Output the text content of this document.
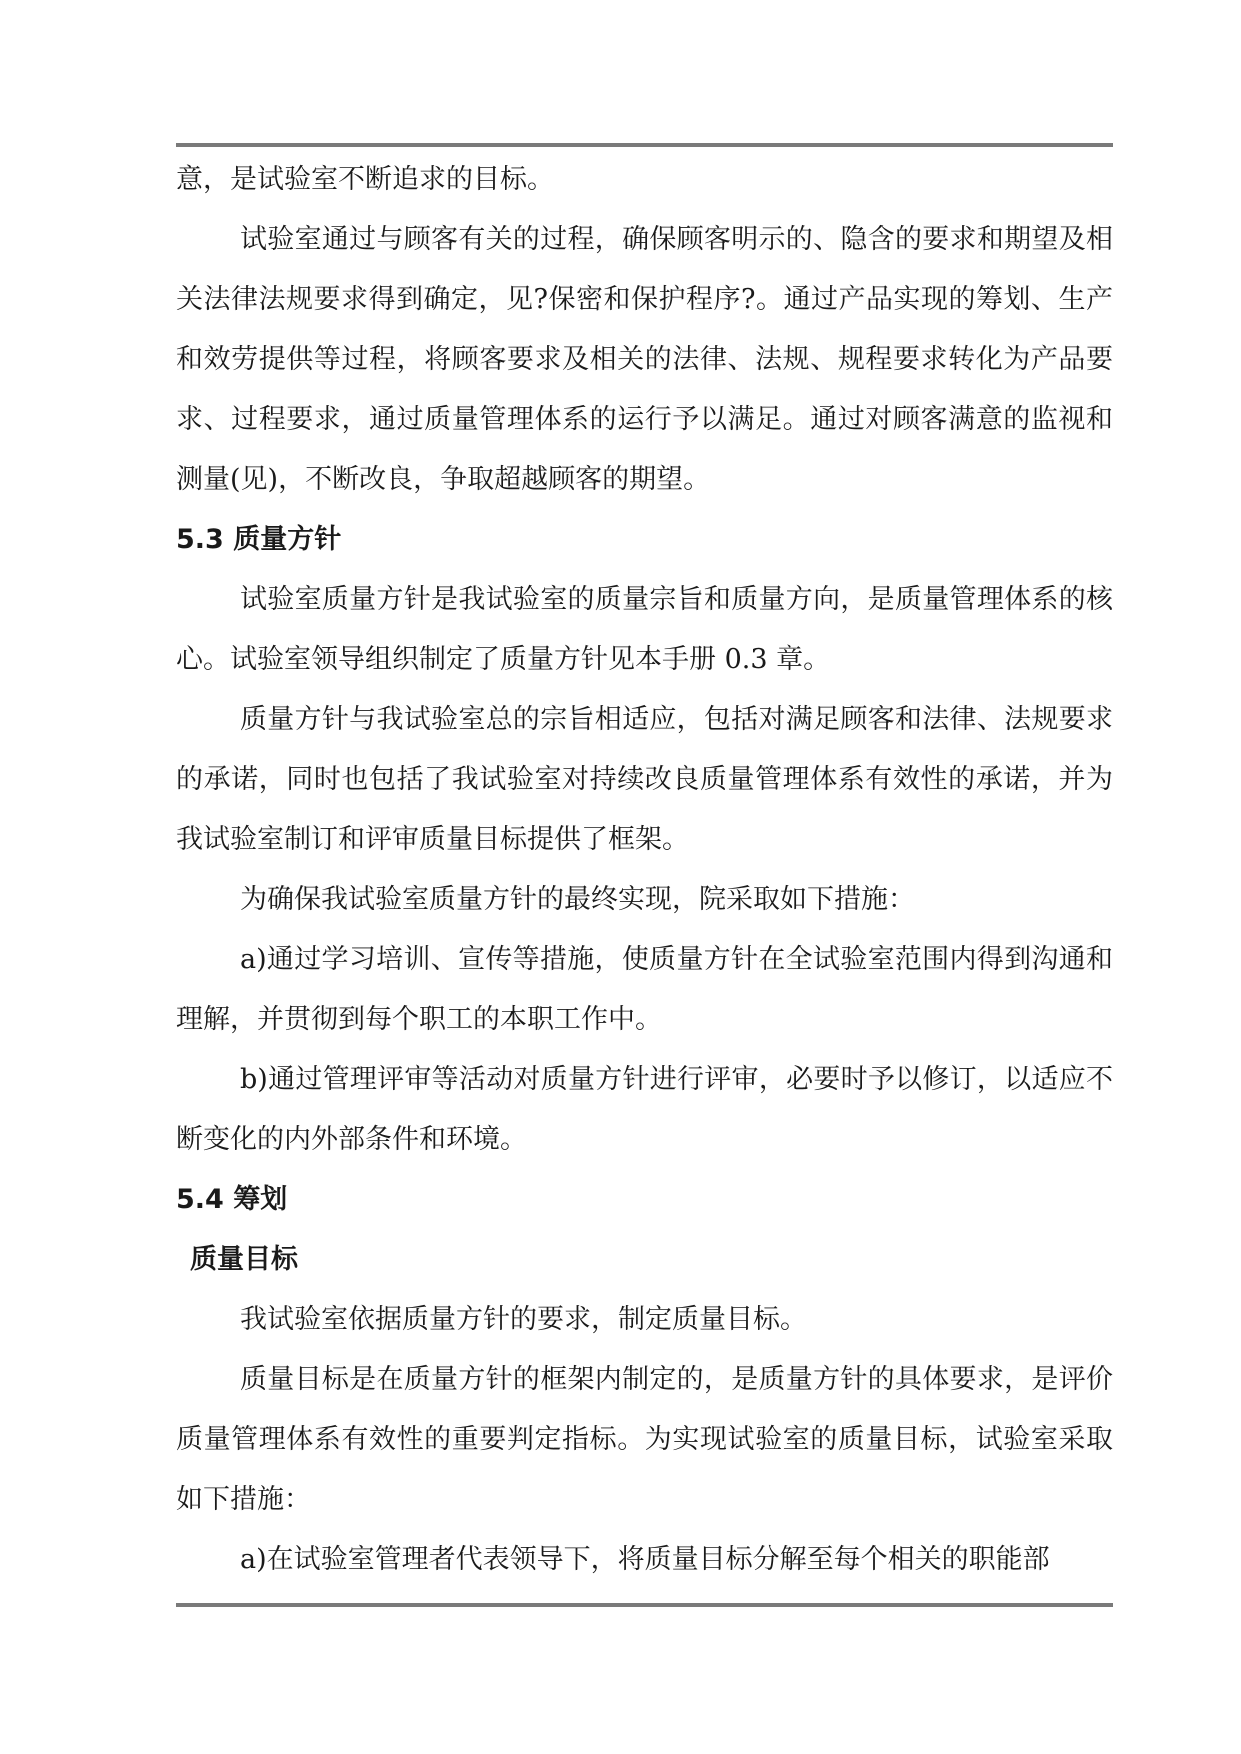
意，是试验室不断追求的目标。

试验室通过与顾客有关的过程，确保顾客明示的、隐含的要求和期望及相关法律法规要求得到确定，见?保密和保护程序?。通过产品实现的筹划、生产和效劳提供等过程，将顾客要求及相关的法律、法规、规程要求转化为产品要求、过程要求，通过质量管理体系的运行予以满足。通过对顾客满意的监视和测量(见)，不断改良，争取超越顾客的期望。

5.3 质量方针

试验室质量方针是我试验室的质量宗旨和质量方向，是质量管理体系的核心。试验室领导组织制定了质量方针见本手册 0.3 章。

质量方针与我试验室总的宗旨相适应，包括对满足顾客和法律、法规要求的承诺，同时也包括了我试验室对持续改良质量管理体系有效性的承诺，并为我试验室制订和评审质量目标提供了框架。

为确保我试验室质量方针的最终实现，院采取如下措施：

a)通过学习培训、宣传等措施，使质量方针在全试验室范围内得到沟通和理解，并贯彻到每个职工的本职工作中。

b)通过管理评审等活动对质量方针进行评审，必要时予以修订，以适应不断变化的内外部条件和环境。

5.4 筹划

质量目标

我试验室依据质量方针的要求，制定质量目标。

质量目标是在质量方针的框架内制定的，是质量方针的具体要求，是评价质量管理体系有效性的重要判定指标。为实现试验室的质量目标，试验室采取如下措施：

a)在试验室管理者代表领导下，将质量目标分解至每个相关的职能部
